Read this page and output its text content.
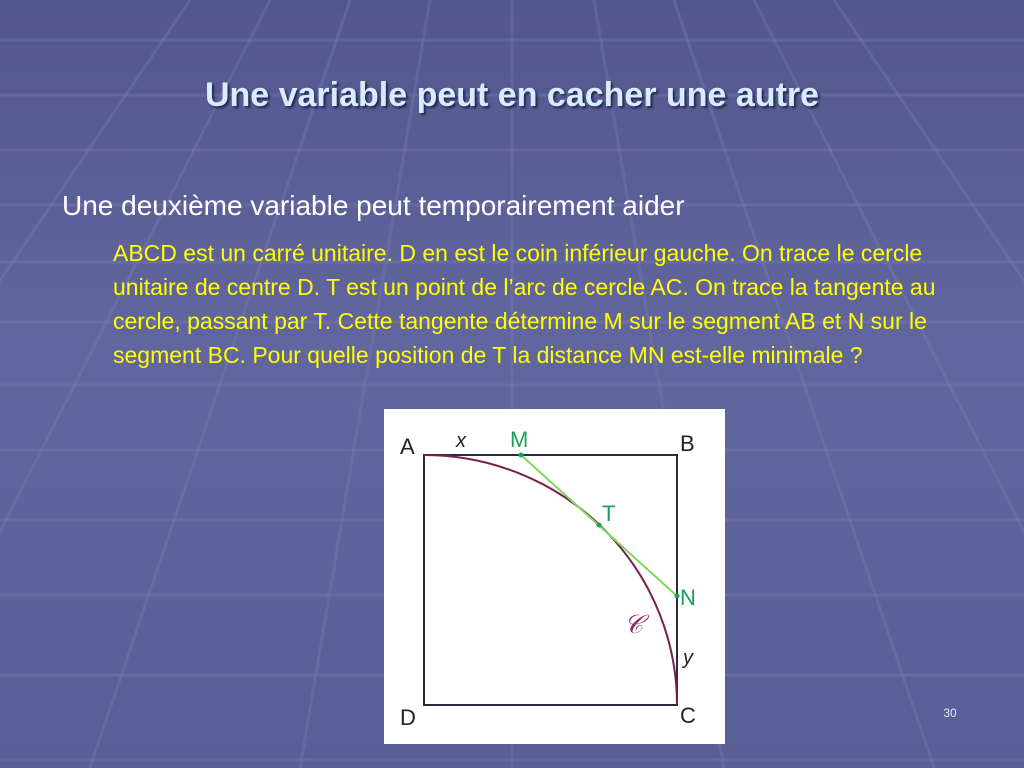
Une variable peut en cacher une autre
Une deuxième variable peut temporairement aider
ABCD est un carré unitaire. D en est le coin inférieur gauche. On trace le cercle unitaire de centre D. T est un point de l’arc de cercle AC. On trace la tangente au cercle, passant par T. Cette tangente détermine M sur le segment AB et N sur le segment BC. Pour quelle position de T la distance MN est-elle minimale ?
A x M	B
T
N
𝒞
y
D	C	30
